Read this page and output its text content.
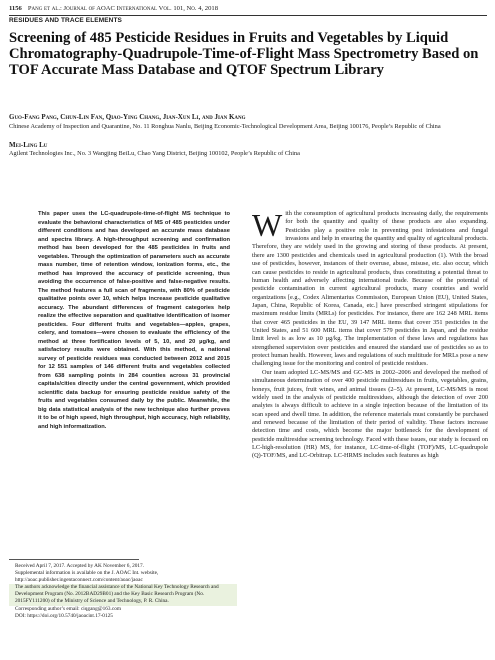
1156 Pang et al.: Journal of AOAC International Vol. 101, No. 4, 2018
RESIDUES AND TRACE ELEMENTS
Screening of 485 Pesticide Residues in Fruits and Vegetables by Liquid Chromatography-Quadrupole-Time-of-Flight Mass Spectrometry Based on TOF Accurate Mass Database and QTOF Spectrum Library
Guo-Fang Pang, Chun-Lin Fan, Qiao-Ying Chang, Jian-Xun Li, and Jian Kang
Chinese Academy of Inspection and Quarantine, No. 11 Ronghua Nanlu, Beijing Economic-Technological Development Area, Beijing 100176, People’s Republic of China
Mei-Ling Lu
Agilent Technologies Inc., No. 3 Wangjing BeiLu, Chao Yang District, Beijing 100102, People’s Republic of China

This paper uses the LC-quadrupole-time-of-flight MS technique to evaluate the behavioral characteristics of MS of 485 pesticides under different conditions and has developed an accurate mass database and spectra library. A high-throughput screening and confirmation method has been developed for the 485 pesticides in fruits and vegetables. Through the optimization of parameters such as accurate mass number, time of retention window, ionization forms, etc., the method has improved the accuracy of pesticide screening, thus avoiding the occurrence of false-positive and false-negative results. The method features a full scan of fragments, with 80% of pesticide qualitative points over 10, which helps increase pesticide qualitative accuracy. The abundant differences of fragment categories help realize the effective separation and qualitative identification of isomer pesticides. Four different fruits and vegetables—apples, grapes, celery, and tomatoes—were chosen to evaluate the efficiency of the method at three fortification levels of 5, 10, and 20 µg/kg, and satisfactory results were obtained. With this method, a national survey of pesticide residues was conducted between 2012 and 2015 for 12 551 samples of 146 different fruits and vegetables collected from 638 sampling points in 284 counties across 31 provincial capitals/cities directly under the central government, which provided scientific data backup for ensuring pesticide residue safety of the fruits and vegetables consumed daily by the public. Meanwhile, the big data statistical analysis of the new technique also further proves it to be of high speed, high throughput, high accuracy, high reliability, and high informatization.

Received April 7, 2017. Accepted by AK November 6, 2017.
Supplemental information is available on the J. AOAC Int. website, http://aoac.publisher.ingentaconnect.com/content/aoac/jaoac
The authors acknowledge the financial assistance of the National Key Technology Research and Development Program (No. 2012BAD29B01) and the Key Basic Research Program (No. 2015FY111200) of the Ministry of Science and Technology, P. R. China.
Corresponding author’s email: ciqgang@163.com
DOI: https://doi.org/10.5740/jaoacint.17-0125

With the consumption of agricultural products increasing daily, the requirements for both the quantity and quality of these products are also expanding. Pesticides play a positive role in preventing pest infestations and fungal invasions and help in ensuring the quantity and quality of agricultural products. Therefore, they are widely used in the growing and storing of these products. At present, there are 1300 pesticides and chemicals used in agricultural production (1). With the broad use of pesticides, however, instances of their overuse, abuse, misuse, etc. also occur, which can cause pesticides to reside in agricultural products, thus constituting a potential threat to human health and adversely affecting international trade. Because of the potential of pesticide contamination in current agricultural products, many countries and world organizations [e.g., Codex Alimentarius Commission, European Union (EU), United States, Japan, China, Republic of Korea, Canada, etc.] have prescribed stringent stipulations for maximum residue limits (MRLs) for pesticides. For instance, there are 162 248 MRL items that cover 465 pesticides in the EU, 39 147 MRL items that cover 351 pesticides in the United States, and 51 600 MRL items that cover 579 pesticides in Japan, and the residue limit level is as low as 10 µg/kg. The implementation of these laws and regulations has strengthened supervision over pesticides and ensured the standard use of pesticides so as to protect human health. However, laws and regulations of such multitude for MRLs pose a new challenging issue for the monitoring and control of pesticide residues.

Our team adopted LC-MS/MS and GC-MS in 2002–2006 and developed the method of simultaneous determination of over 400 pesticide multiresidues in fruits, vegetables, grains, honeys, fruit juices, fruit wines, and animal tissues (2–5). At present, LC-MS/MS is most widely used in the analysis of pesticide multiresidues, although the detection of over 200 analytes is always difficult to achieve in a single injection because of the limitation of its scan speed and dwell time. In addition, the reference materials must constantly be purchased and renewed because of the limitation of their period of validity. These factors increase detection time and costs, which become the major bottleneck for the development of pesticide multiresidue screening technology. Faced with these issues, our study is focused on LC-high-resolution (HR) MS, for instance, LC-time-of-flight (TOF)/MS, LC-quadrupole (Q)-TOF/MS, and LC-Orbitrap. LC-HRMS includes such features as high
